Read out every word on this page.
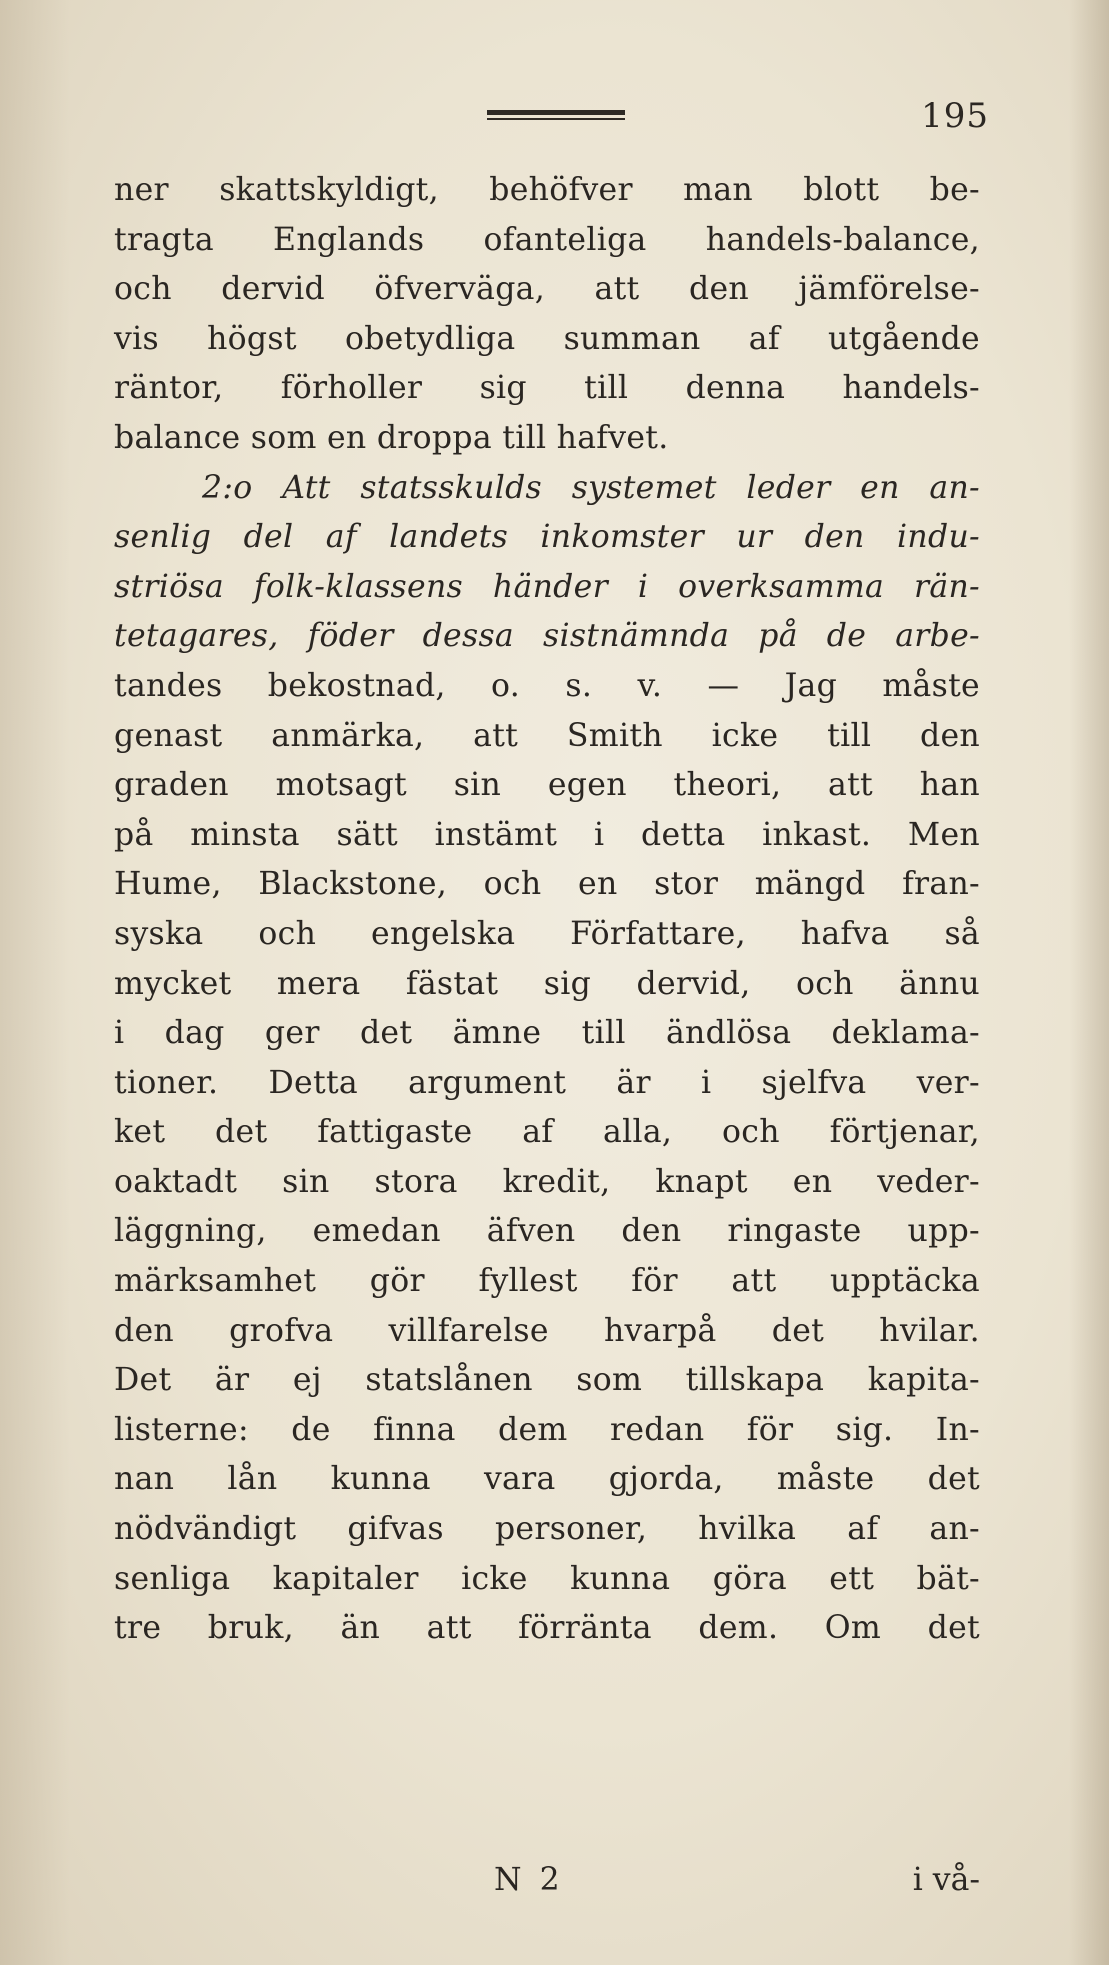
195
ner skattskyldigt, behöfver man blott be-
tragta Englands ofanteliga handels-balance,
och dervid öfverväga, att den jämförelse-
vis högst obetydliga summan af utgående
räntor, förholler sig till denna handels-
balance som en droppa till hafvet.
2:o Att statsskulds systemet leder en an-
senlig del af landets inkomster ur den indu-
striösa folk-klassens händer i overksamma rän-
tetagares, föder dessa sistnämnda på de arbe-
tandes bekostnad, o. s. v. — Jag måste
genast anmärka, att Smith icke till den
graden motsagt sin egen theori, att han
på minsta sätt instämt i detta inkast. Men
Hume, Blackstone, och en stor mängd fran-
syska och engelska Författare, hafva så
mycket mera fästat sig dervid, och ännu
i dag ger det ämne till ändlösa deklama-
tioner. Detta argument är i sjelfva ver-
ket det fattigaste af alla, och förtjenar,
oaktadt sin stora kredit, knapt en veder-
läggning, emedan äfven den ringaste upp-
märksamhet gör fyllest för att upptäcka
den grofva villfarelse hvarpå det hvilar.
Det är ej statslånen som tillskapa kapita-
listerne: de finna dem redan för sig. In-
nan lån kunna vara gjorda, måste det
nödvändigt gifvas personer, hvilka af an-
senliga kapitaler icke kunna göra ett bät-
tre bruk, än att förränta dem. Om det
N 2	i vå-
